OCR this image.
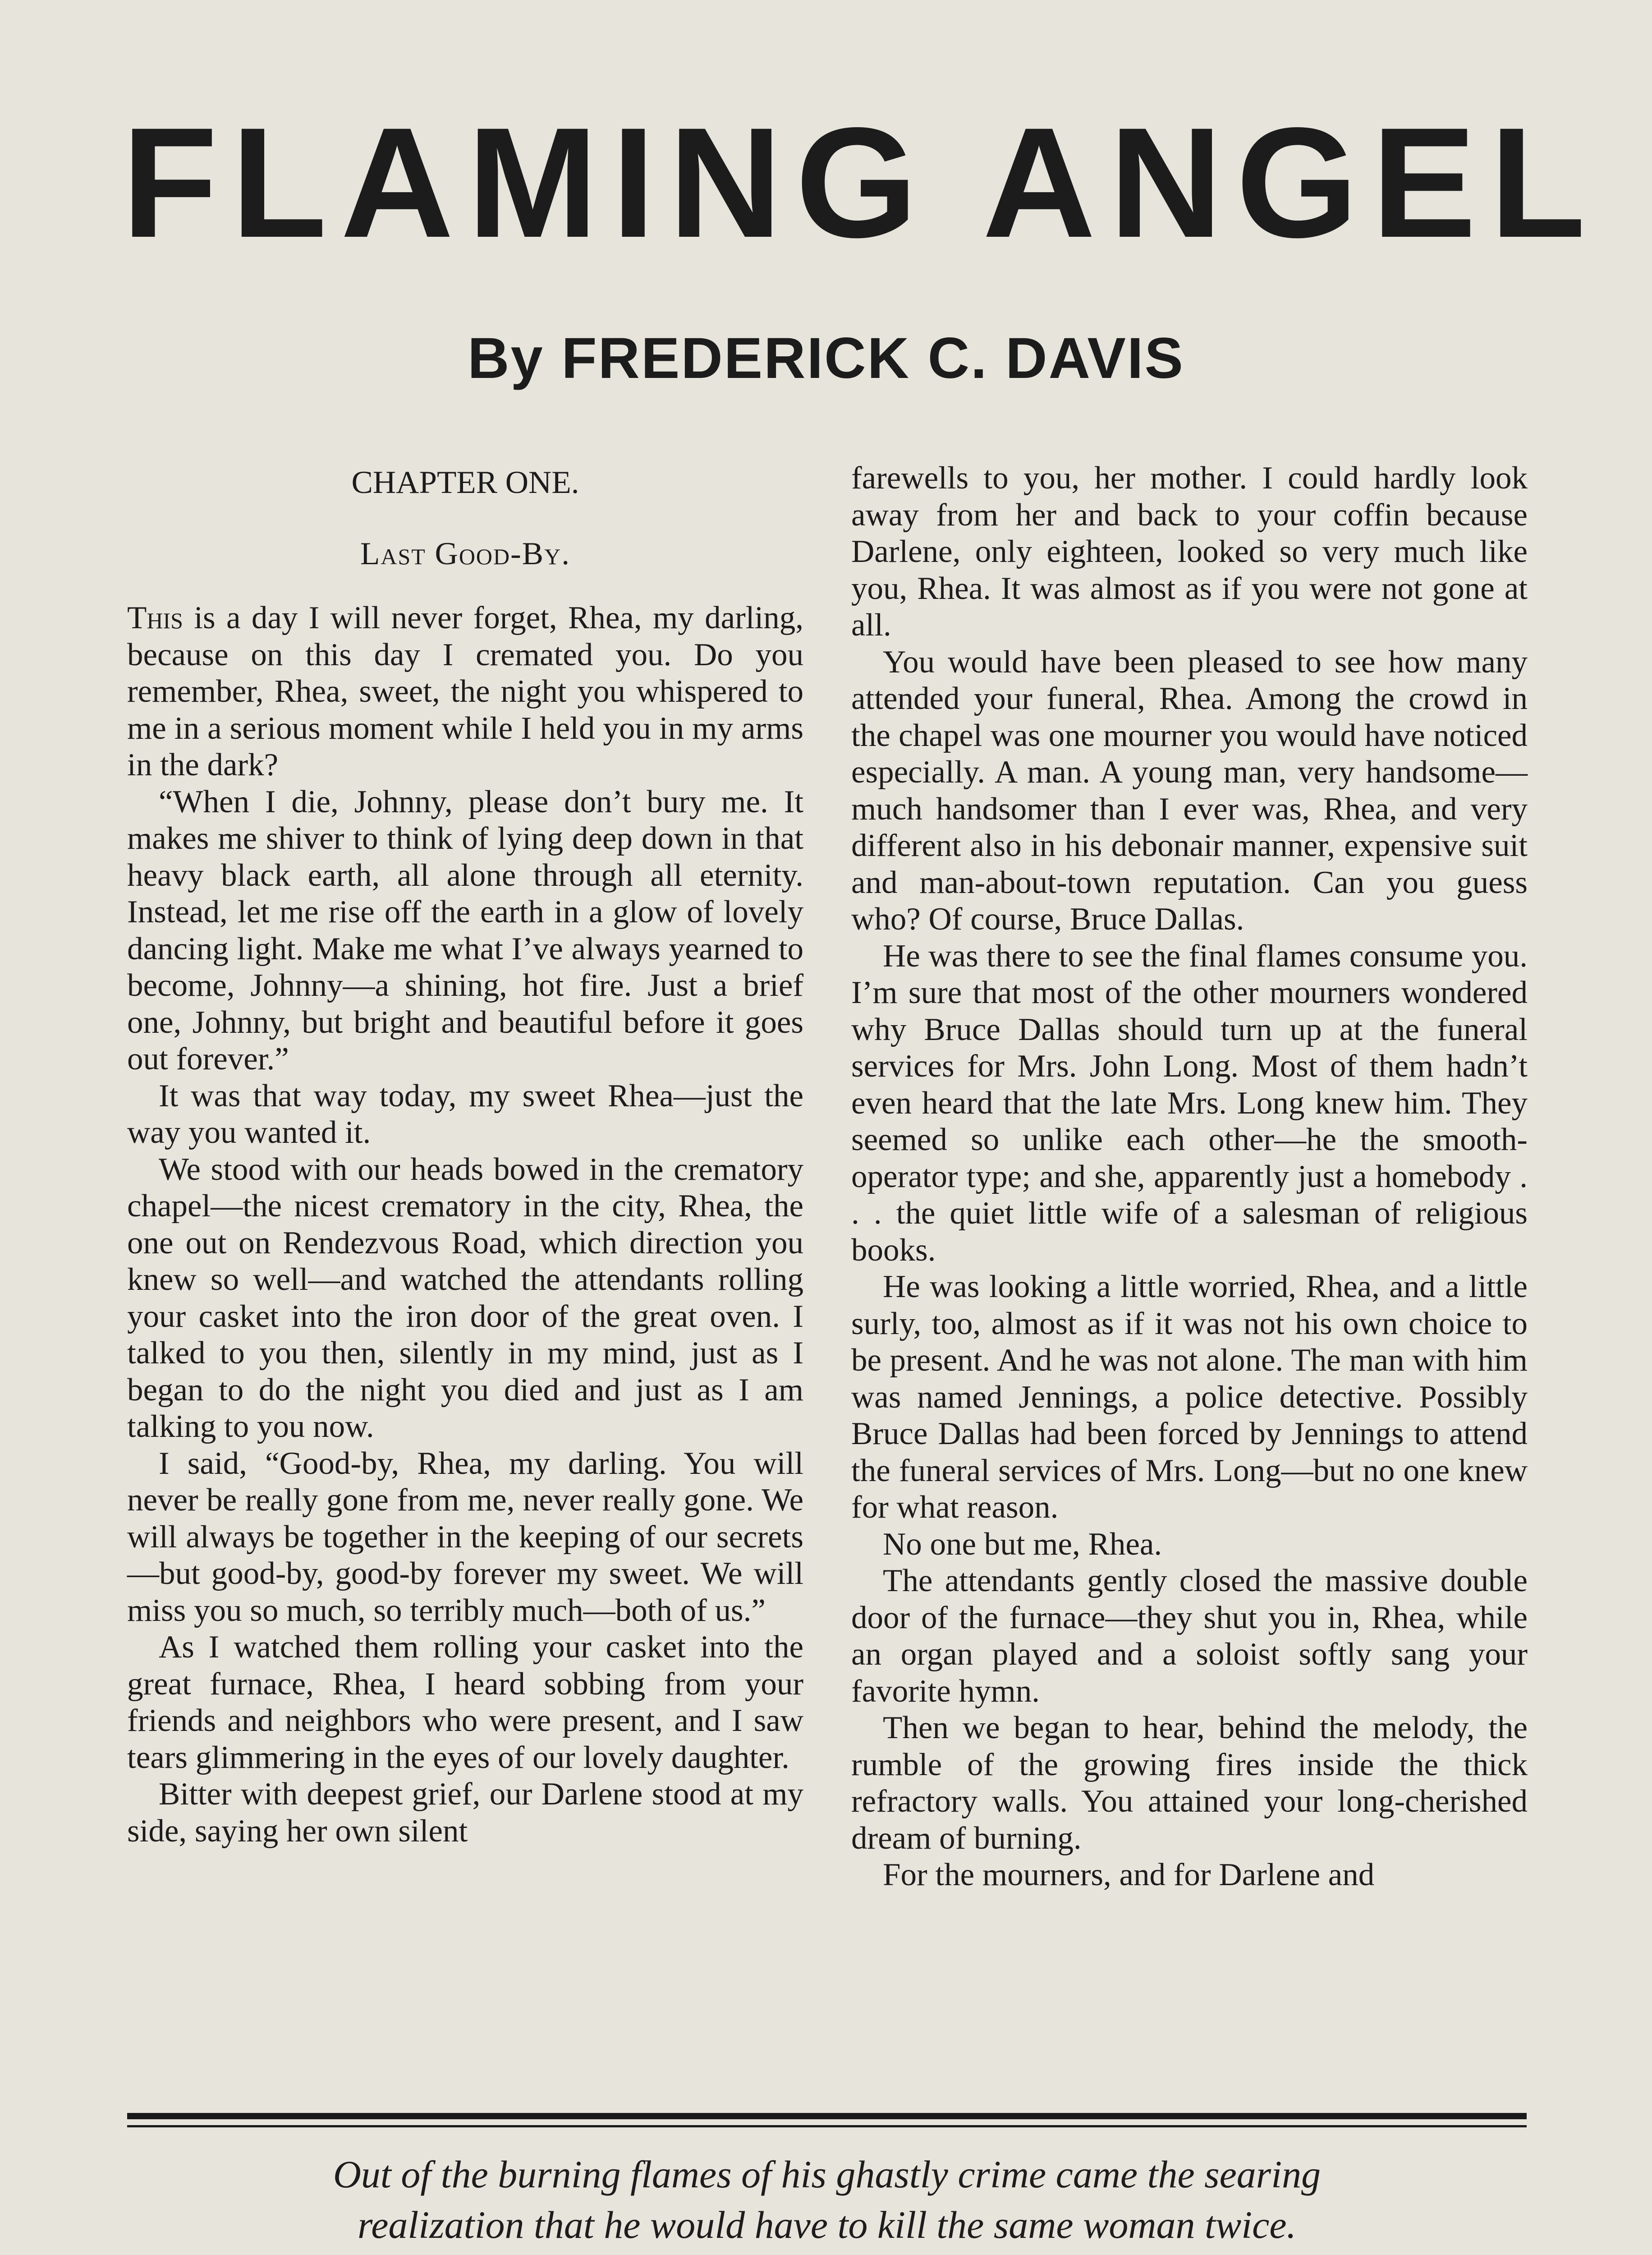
FLAMING ANGEL
By FREDERICK C. DAVIS
CHAPTER ONE.
Last Good-By.

This is a day I will never forget, Rhea, my darling, because on this day I cremated you. Do you remember, Rhea, sweet, the night you whispered to me in a serious moment while I held you in my arms in the dark?

“When I die, Johnny, please don’t bury me. It makes me shiver to think of lying deep down in that heavy black earth, all alone through all eternity. Instead, let me rise off the earth in a glow of lovely dancing light. Make me what I’ve always yearned to become, Johnny—a shining, hot fire. Just a brief one, Johnny, but bright and beautiful before it goes out forever.”

It was that way today, my sweet Rhea—just the way you wanted it.

We stood with our heads bowed in the crematory chapel—the nicest crematory in the city, Rhea, the one out on Rendezvous Road, which direction you knew so well—and watched the attendants rolling your casket into the iron door of the great oven. I talked to you then, silently in my mind, just as I began to do the night you died and just as I am talking to you now.

I said, “Good-by, Rhea, my darling. You will never be really gone from me, never really gone. We will always be together in the keeping of our secrets—but good-by, good-by forever my sweet. We will miss you so much, so terribly much—both of us.”

As I watched them rolling your casket into the great furnace, Rhea, I heard sobbing from your friends and neighbors who were present, and I saw tears glimmering in the eyes of our lovely daughter.

Bitter with deepest grief, our Darlene stood at my side, saying her own silent

farewells to you, her mother. I could hardly look away from her and back to your coffin because Darlene, only eighteen, looked so very much like you, Rhea. It was almost as if you were not gone at all.

You would have been pleased to see how many attended your funeral, Rhea. Among the crowd in the chapel was one mourner you would have noticed especially. A man. A young man, very handsome—much handsomer than I ever was, Rhea, and very different also in his debonair manner, expensive suit and man-about-town reputation. Can you guess who? Of course, Bruce Dallas.

He was there to see the final flames consume you. I’m sure that most of the other mourners wondered why Bruce Dallas should turn up at the funeral services for Mrs. John Long. Most of them hadn’t even heard that the late Mrs. Long knew him. They seemed so unlike each other—he the smooth-operator type; and she, apparently just a homebody . . . the quiet little wife of a salesman of religious books.

He was looking a little worried, Rhea, and a little surly, too, almost as if it was not his own choice to be present. And he was not alone. The man with him was named Jennings, a police detective. Possibly Bruce Dallas had been forced by Jennings to attend the funeral services of Mrs. Long—but no one knew for what reason.

No one but me, Rhea.

The attendants gently closed the massive double door of the furnace—they shut you in, Rhea, while an organ played and a soloist softly sang your favorite hymn.

Then we began to hear, behind the melody, the rumble of the growing fires inside the thick refractory walls. You attained your long-cherished dream of burning.

For the mourners, and for Darlene and

Out of the burning flames of his ghastly crime came the searing
realization that he would have to kill the same woman twice.
